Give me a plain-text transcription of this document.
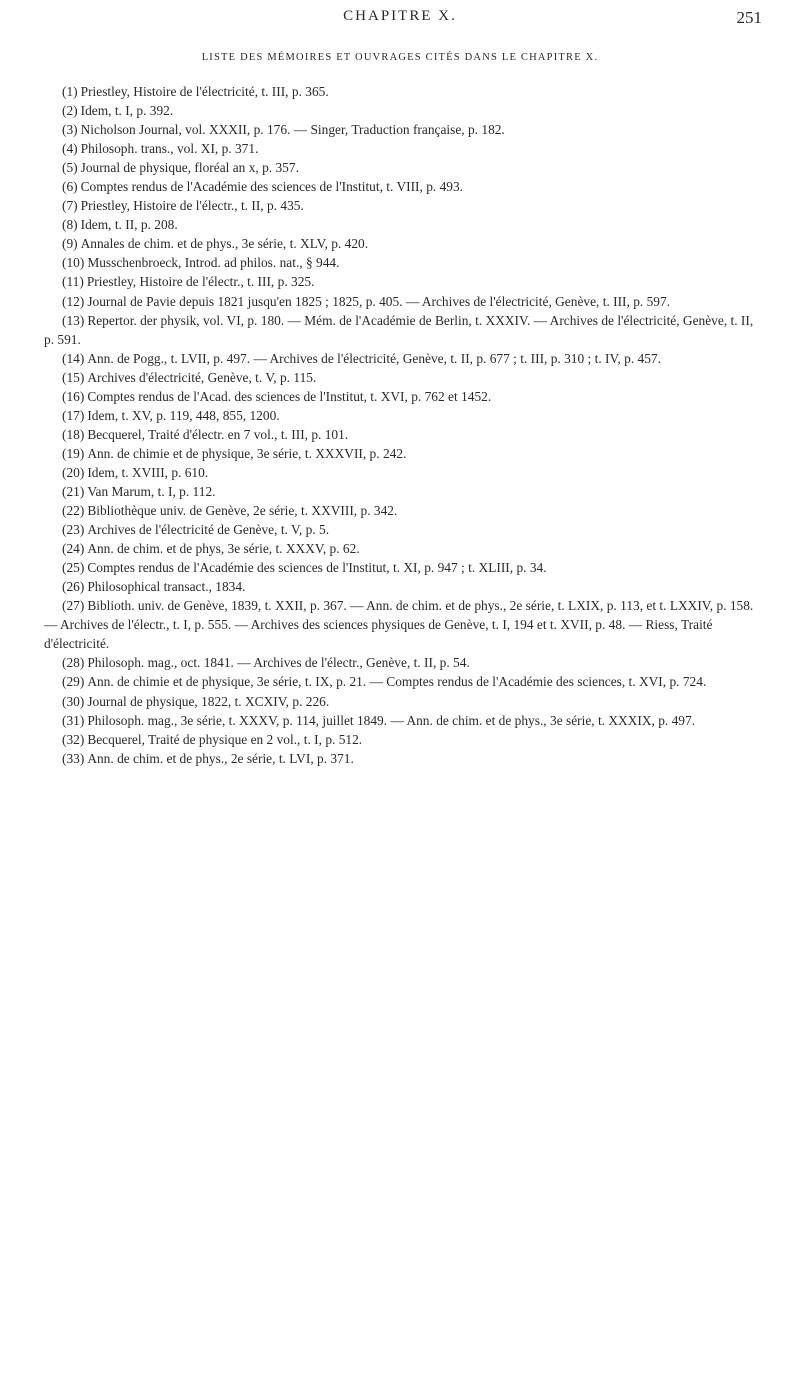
CHAPITRE X.	251
LISTE DES MÉMOIRES ET OUVRAGES CITÉS DANS LE CHAPITRE X.

(1) Priestley, Histoire de l'électricité, t. III, p. 365.

(2) Idem, t. I, p. 392.

(3) Nicholson Journal, vol. XXXII, p. 176. — Singer, Traduction française, p. 182.

(4) Philosoph. trans., vol. XI, p. 371.

(5) Journal de physique, floréal an x, p. 357.

(6) Comptes rendus de l'Académie des sciences de l'Institut, t. VIII, p. 493.

(7) Priestley, Histoire de l'électr., t. II, p. 435.

(8) Idem, t. II, p. 208.

(9) Annales de chim. et de phys., 3e série, t. XLV, p. 420.

(10) Musschenbroeck, Introd. ad philos. nat., § 944.

(11) Priestley, Histoire de l'électr., t. III, p. 325.

(12) Journal de Pavie depuis 1821 jusqu'en 1825 ; 1825, p. 405. — Archives de l'électricité, Genève, t. III, p. 597.

(13) Repertor. der physik, vol. VI, p. 180. — Mém. de l'Académie de Berlin, t. XXXIV. — Archives de l'électricité, Genève, t. II, p. 591.

(14) Ann. de Pogg., t. LVII, p. 497. — Archives de l'électricité, Genève, t. II, p. 677 ; t. III, p. 310 ; t. IV, p. 457.

(15) Archives d'électricité, Genève, t. V, p. 115.

(16) Comptes rendus de l'Acad. des sciences de l'Institut, t. XVI, p. 762 et 1452.

(17) Idem, t. XV, p. 119, 448, 855, 1200.

(18) Becquerel, Traité d'électr. en 7 vol., t. III, p. 101.

(19) Ann. de chimie et de physique, 3e série, t. XXXVII, p. 242.

(20) Idem, t. XVIII, p. 610.

(21) Van Marum, t. I, p. 112.

(22) Bibliothèque univ. de Genève, 2e série, t. XXVIII, p. 342.

(23) Archives de l'électricité de Genève, t. V, p. 5.

(24) Ann. de chim. et de phys, 3e série, t. XXXV, p. 62.

(25) Comptes rendus de l'Académie des sciences de l'Institut, t. XI, p. 947 ; t. XLIII, p. 34.

(26) Philosophical transact., 1834.

(27) Biblioth. univ. de Genève, 1839, t. XXII, p. 367. — Ann. de chim. et de phys., 2e série, t. LXIX, p. 113, et t. LXXIV, p. 158. — Archives de l'électr., t. I, p. 555. — Archives des sciences physiques de Genève, t. I, 194 et t. XVII, p. 48. — Riess, Traité d'électricité.

(28) Philosoph. mag., oct. 1841. — Archives de l'électr., Genève, t. II, p. 54.

(29) Ann. de chimie et de physique, 3e série, t. IX, p. 21. — Comptes rendus de l'Académie des sciences, t. XVI, p. 724.

(30) Journal de physique, 1822, t. XCXIV, p. 226.

(31) Philosoph. mag., 3e série, t. XXXV, p. 114, juillet 1849. — Ann. de chim. et de phys., 3e série, t. XXXIX, p. 497.

(32) Becquerel, Traité de physique en 2 vol., t. I, p. 512.

(33) Ann. de chim. et de phys., 2e série, t. LVI, p. 371.
